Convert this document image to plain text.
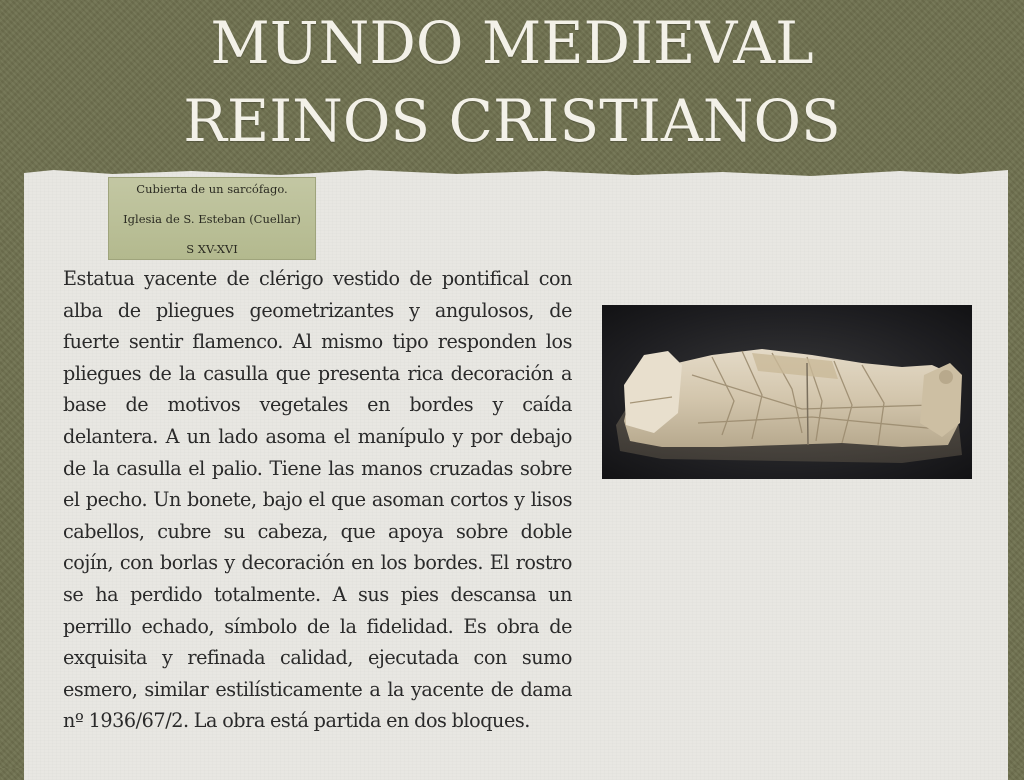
MUNDO MEDIEVAL
REINOS CRISTIANOS
Cubierta de un sarcófago.
Iglesia de S. Esteban (Cuellar)
S XV-XVI
Estatua yacente de clérigo vestido de pontifical con alba de pliegues geometrizantes y angulosos, de fuerte sentir flamenco. Al mismo tipo responden los pliegues de la casulla que presenta rica decoración a base de motivos vegetales en bordes y caída delantera. A un lado asoma el manípulo y por debajo de la casulla el palio. Tiene las manos cruzadas sobre el pecho. Un bonete, bajo el que asoman cortos y lisos cabellos, cubre su cabeza, que apoya sobre doble cojín, con borlas y decoración en los bordes. El rostro se ha perdido totalmente. A sus pies descansa un perrillo echado, símbolo de la fidelidad. Es obra de exquisita y refinada calidad, ejecutada con sumo esmero, similar estilísticamente a la yacente de dama nº 1936/67/2. La obra está partida en dos bloques.
